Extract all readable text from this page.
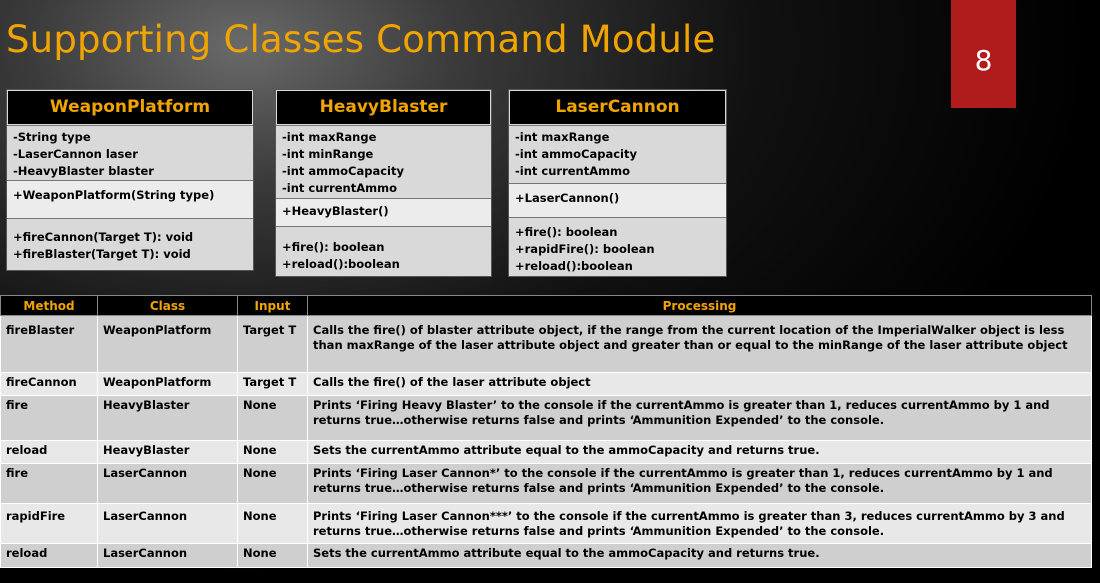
Supporting Classes Command Module	8
WeaponPlatform
-String type
-LaserCannon laser
-HeavyBlaster blaster
+WeaponPlatform(String type)
+fireCannon(Target T): void
+fireBlaster(Target T): void
HeavyBlaster
-int maxRange
-int minRange
-int ammoCapacity
-int currentAmmo
+HeavyBlaster()
+fire(): boolean
+reload():boolean
LaserCannon
-int maxRange
-int ammoCapacity
-int currentAmmo
+LaserCannon()
+fire(): boolean
+rapidFire(): boolean
+reload():boolean
Method	Class	Input	Processing
fireBlaster	WeaponPlatform	Target T	Calls the fire() of blaster attribute object, if the range from the current location of the ImperialWalker object is less than maxRange of the laser attribute object and greater than or equal to the minRange of the laser attribute object
fireCannon	WeaponPlatform	Target T	Calls the fire() of the laser attribute object
fire	HeavyBlaster	None	Prints ‘Firing Heavy Blaster’ to the console if the currentAmmo is greater than 1, reduces currentAmmo by 1 and returns true…otherwise returns false and prints ‘Ammunition Expended’ to the console.
reload	HeavyBlaster	None	Sets the currentAmmo attribute equal to the ammoCapacity and returns true.
fire	LaserCannon	None	Prints ‘Firing Laser Cannon*’ to the console if the currentAmmo is greater than 1, reduces currentAmmo by 1 and returns true…otherwise returns false and prints ‘Ammunition Expended’ to the console.
rapidFire	LaserCannon	None	Prints ‘Firing Laser Cannon***’ to the console if the currentAmmo is greater than 3, reduces currentAmmo by 3 and returns true…otherwise returns false and prints ‘Ammunition Expended’ to the console.
reload	LaserCannon	None	Sets the currentAmmo attribute equal to the ammoCapacity and returns true.
